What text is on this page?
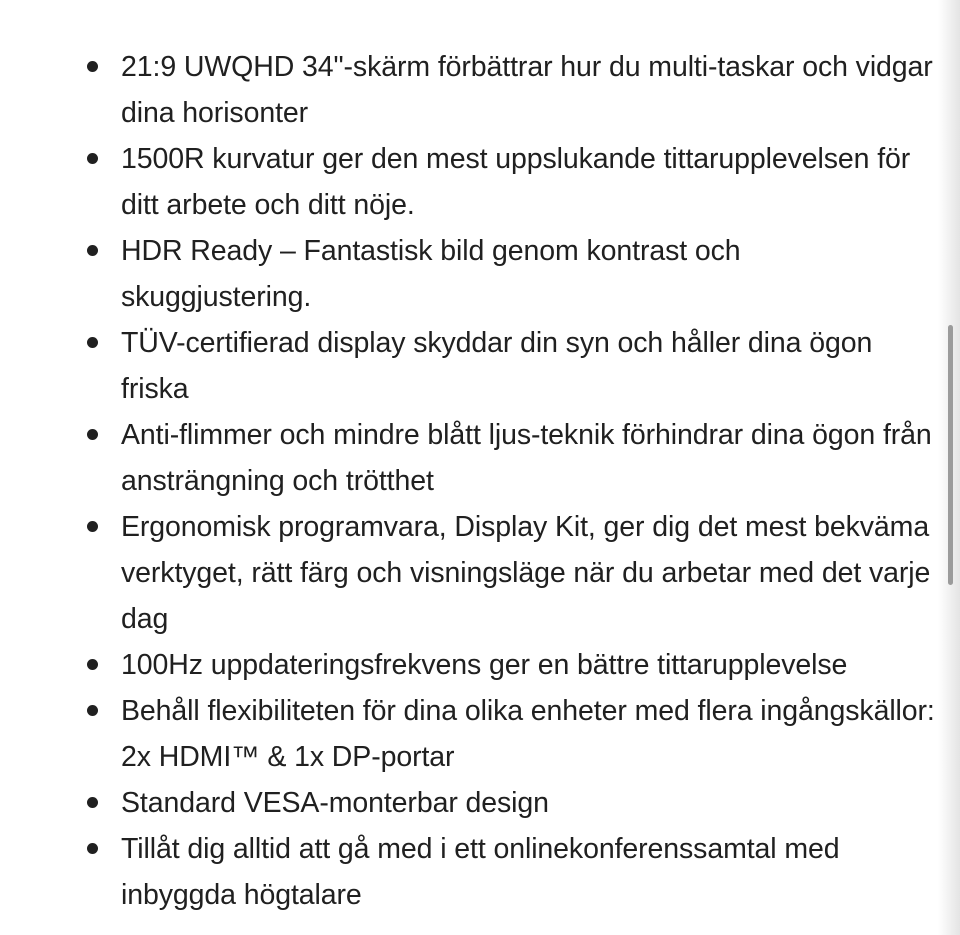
21:9 UWQHD 34"-skärm förbättrar hur du multi-taskar och vidgar dina horisonter
1500R kurvatur ger den mest uppslukande tittarupplevelsen för ditt arbete och ditt nöje.
HDR Ready – Fantastisk bild genom kontrast och skuggjustering.
TÜV-certifierad display skyddar din syn och håller dina ögon friska
Anti-flimmer och mindre blått ljus-teknik förhindrar dina ögon från ansträngning och trötthet
Ergonomisk programvara, Display Kit, ger dig det mest bekväma verktyget, rätt färg och visningsläge när du arbetar med det varje dag
100Hz uppdateringsfrekvens ger en bättre tittarupplevelse
Behåll flexibiliteten för dina olika enheter med flera ingångskällor: 2x HDMI™ & 1x DP-portar
Standard VESA-monterbar design
Tillåt dig alltid att gå med i ett onlinekonferenssamtal med inbyggda högtalare
